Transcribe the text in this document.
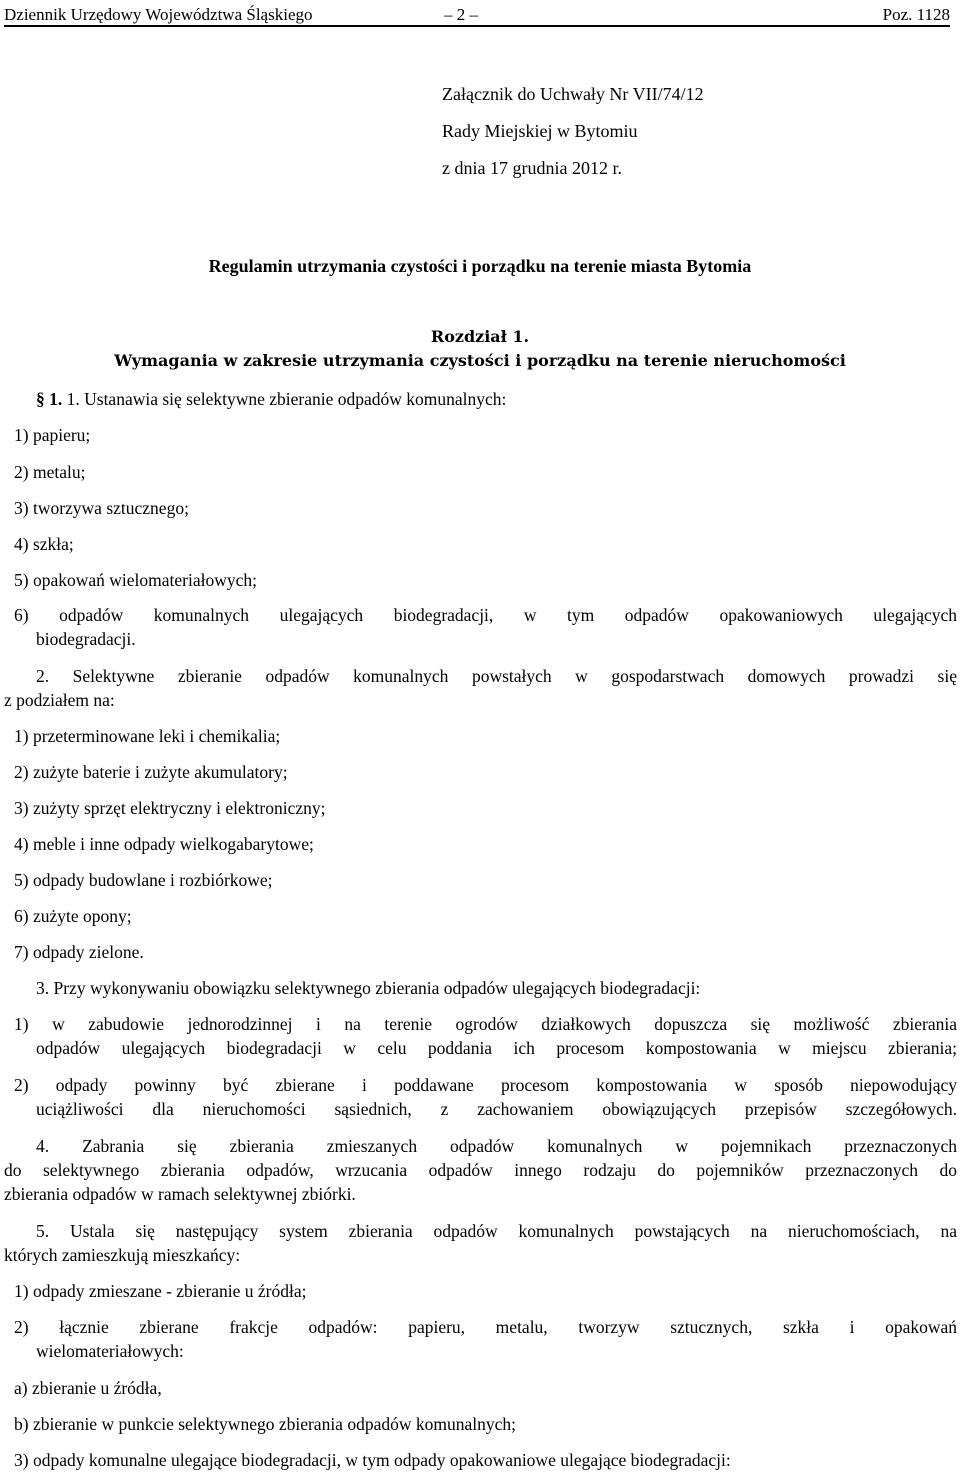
Dziennik Urzędowy Województwa Śląskiego	– 2 –	Poz. 1128
Załącznik do Uchwały Nr VII/74/12
Rady Miejskiej w Bytomiu
z dnia 17 grudnia 2012 r.
Regulamin utrzymania czystości i porządku na terenie miasta Bytomia
Rozdział 1.
Wymagania w zakresie utrzymania czystości i porządku na terenie nieruchomości
§ 1. 1. Ustanawia się selektywne zbieranie odpadów komunalnych:
1) papieru;
2) metalu;
3) tworzywa sztucznego;
4) szkła;
5) opakowań wielomateriałowych;
6) odpadów komunalnych ulegających biodegradacji, w tym odpadów opakowaniowych ulegających
biodegradacji.
2. Selektywne zbieranie odpadów komunalnych powstałych w gospodarstwach domowych prowadzi się
z podziałem na:
1) przeterminowane leki i chemikalia;
2) zużyte baterie i zużyte akumulatory;
3) zużyty sprzęt elektryczny i elektroniczny;
4) meble i inne odpady wielkogabarytowe;
5) odpady budowlane i rozbiórkowe;
6) zużyte opony;
7) odpady zielone.
3. Przy wykonywaniu obowiązku selektywnego zbierania odpadów ulegających biodegradacji:
1) w zabudowie jednorodzinnej i na terenie ogrodów działkowych dopuszcza się możliwość zbierania
odpadów ulegających biodegradacji w celu poddania ich procesom kompostowania w miejscu zbierania;
2) odpady powinny być zbierane i poddawane procesom kompostowania w sposób niepowodujący
uciążliwości dla nieruchomości sąsiednich, z zachowaniem obowiązujących przepisów szczegółowych.
4. Zabrania się zbierania zmieszanych odpadów komunalnych w pojemnikach przeznaczonych
do selektywnego zbierania odpadów, wrzucania odpadów innego rodzaju do pojemników przeznaczonych do
zbierania odpadów w ramach selektywnej zbiórki.
5. Ustala się następujący system zbierania odpadów komunalnych powstających na nieruchomościach, na
których zamieszkują mieszkańcy:
1) odpady zmieszane - zbieranie u źródła;
2) łącznie zbierane frakcje odpadów: papieru, metalu, tworzyw sztucznych, szkła i opakowań
wielomateriałowych:
a) zbieranie u źródła,
b) zbieranie w punkcie selektywnego zbierania odpadów komunalnych;
3) odpady komunalne ulegające biodegradacji, w tym odpady opakowaniowe ulegające biodegradacji:
